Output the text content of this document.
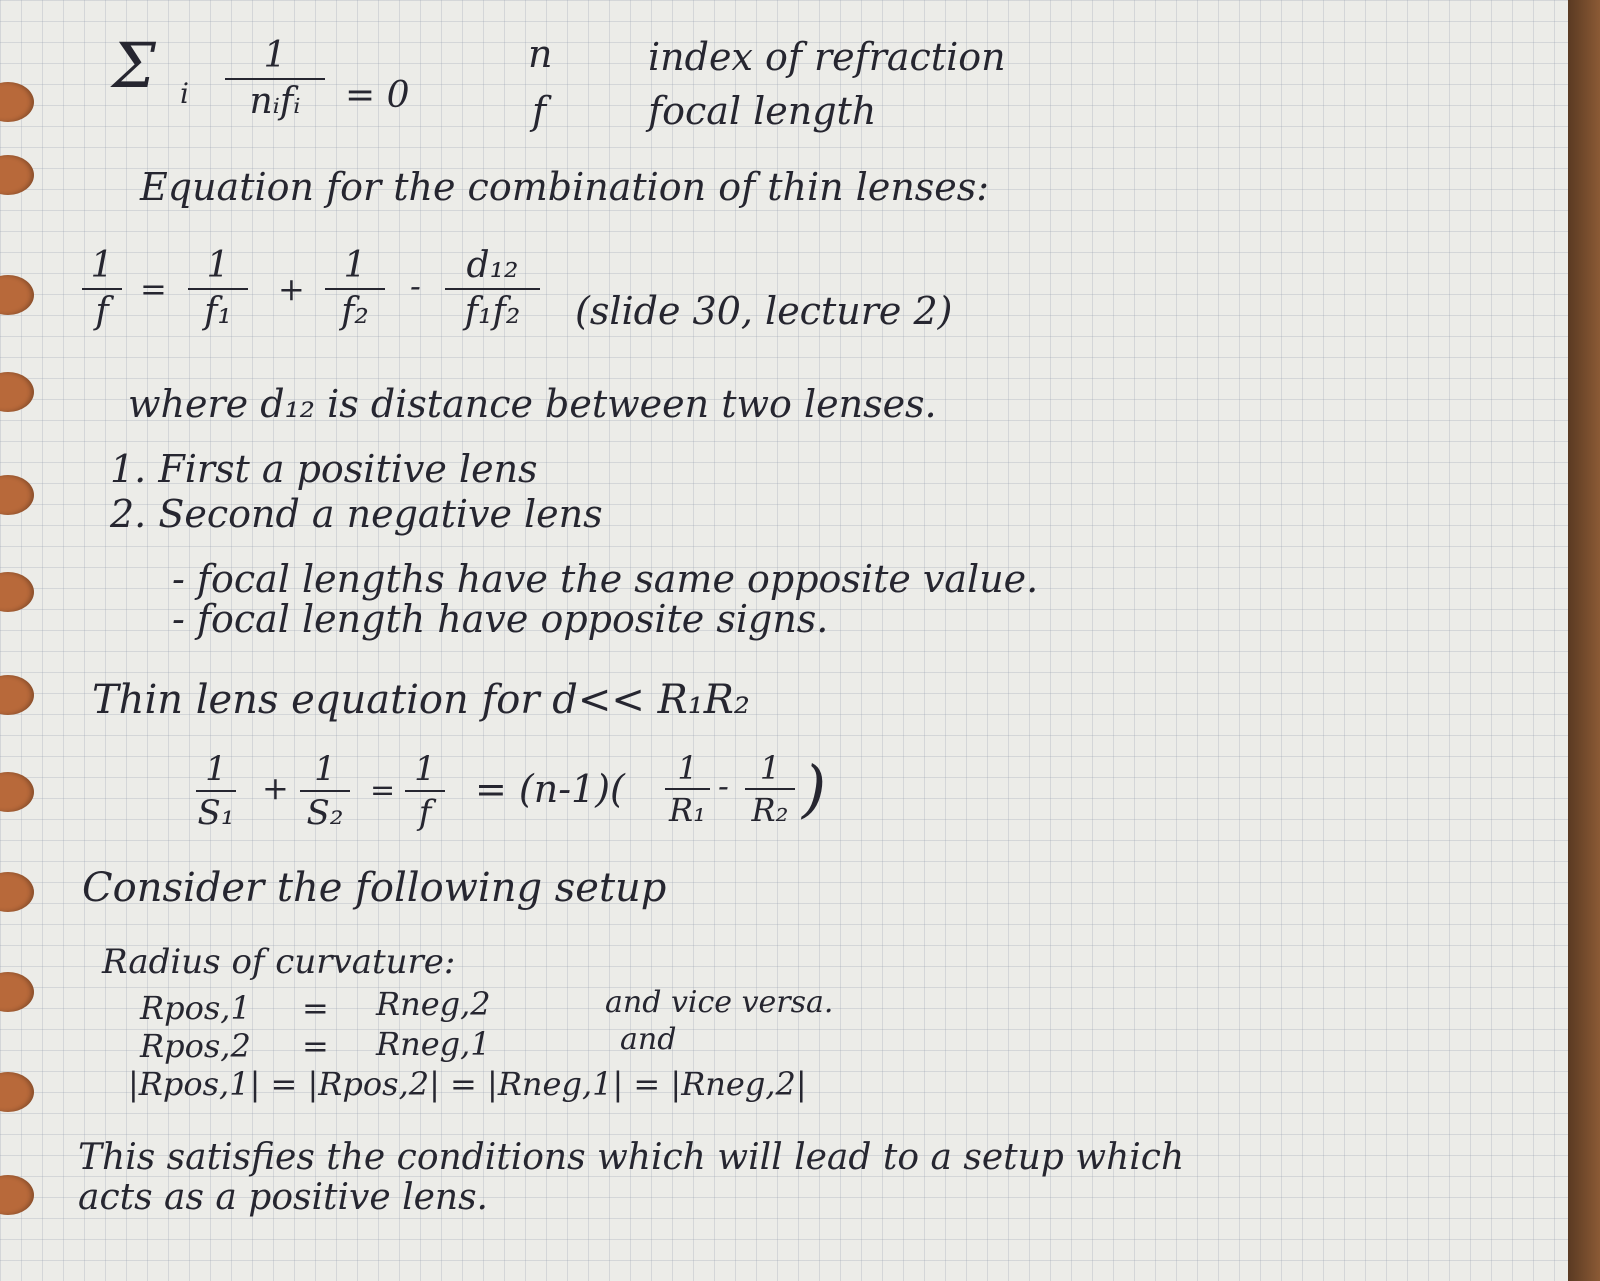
Σ i
1
nᵢfᵢ	= 0
n	index of refraction
f	focal length
Equation for the combination of thin lenses:
1
f
=
1
f₁
+
1
f₂
-	d₁₂
f₁f₂	(slide 30, lecture 2)
where d₁₂ is distance between two lenses.
1. First a positive lens
2. Second a negative lens
- focal lengths have the same opposite value.
- focal length have opposite signs.
Thin lens equation for d<< R₁R₂
1
S₁
+ 1
S₂
=
1
f
= (n-1)(	1
R₁
- 1
R₂ )
Consider the following setup
Radius of curvature:
Rpos,1 = Rneg,2	and vice versa.
Rpos,2 = Rneg,1	and
|Rpos,1| = |Rpos,2| = |Rneg,1| = |Rneg,2|
This satisfies the conditions which will lead to a setup which
acts as a positive lens.
